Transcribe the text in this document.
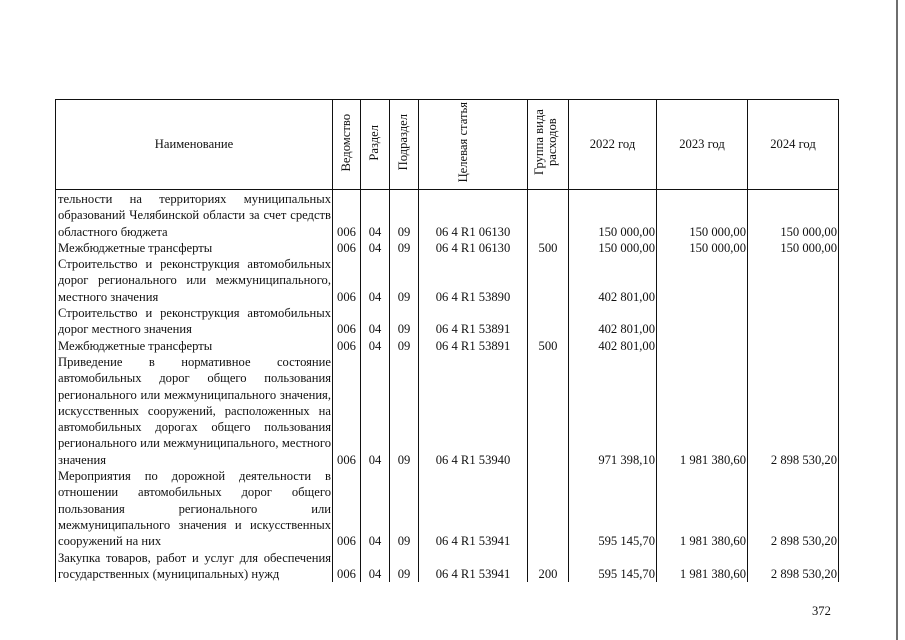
Наименование	Ведомство	Раздел	Подраздел	Целевая статья	Группа вида расходов	2022 год	2023 год	2024 год
тельности на территориях муниципальных образований Челябинской области за счет средств областного бюджета	006	04	09	06 4 R1 06130		150 000,00	150 000,00	150 000,00
Межбюджетные трансферты	006	04	09	06 4 R1 06130	500	150 000,00	150 000,00	150 000,00
Строительство и реконструкция автомобильных дорог регионального или межмуниципального, местного значения	006	04	09	06 4 R1 53890		402 801,00		
Строительство и реконструкция автомобильных дорог местного значения	006	04	09	06 4 R1 53891		402 801,00		
Межбюджетные трансферты	006	04	09	06 4 R1 53891	500	402 801,00		
Приведение в нормативное состояние автомобильных дорог общего пользования регионального или межмуниципального значения, искусственных сооружений, расположенных на автомобильных дорогах общего пользования регионального или межмуниципального, местного значения	006	04	09	06 4 R1 53940		971 398,10	1 981 380,60	2 898 530,20
Мероприятия по дорожной деятельности в отношении автомобильных дорог общего пользования регионального или межмуниципального значения и искусственных сооружений на них	006	04	09	06 4 R1 53941		595 145,70	1 981 380,60	2 898 530,20
Закупка товаров, работ и услуг для обеспечения государственных (муниципальных) нужд	006	04	09	06 4 R1 53941	200	595 145,70	1 981 380,60	2 898 530,20
372
